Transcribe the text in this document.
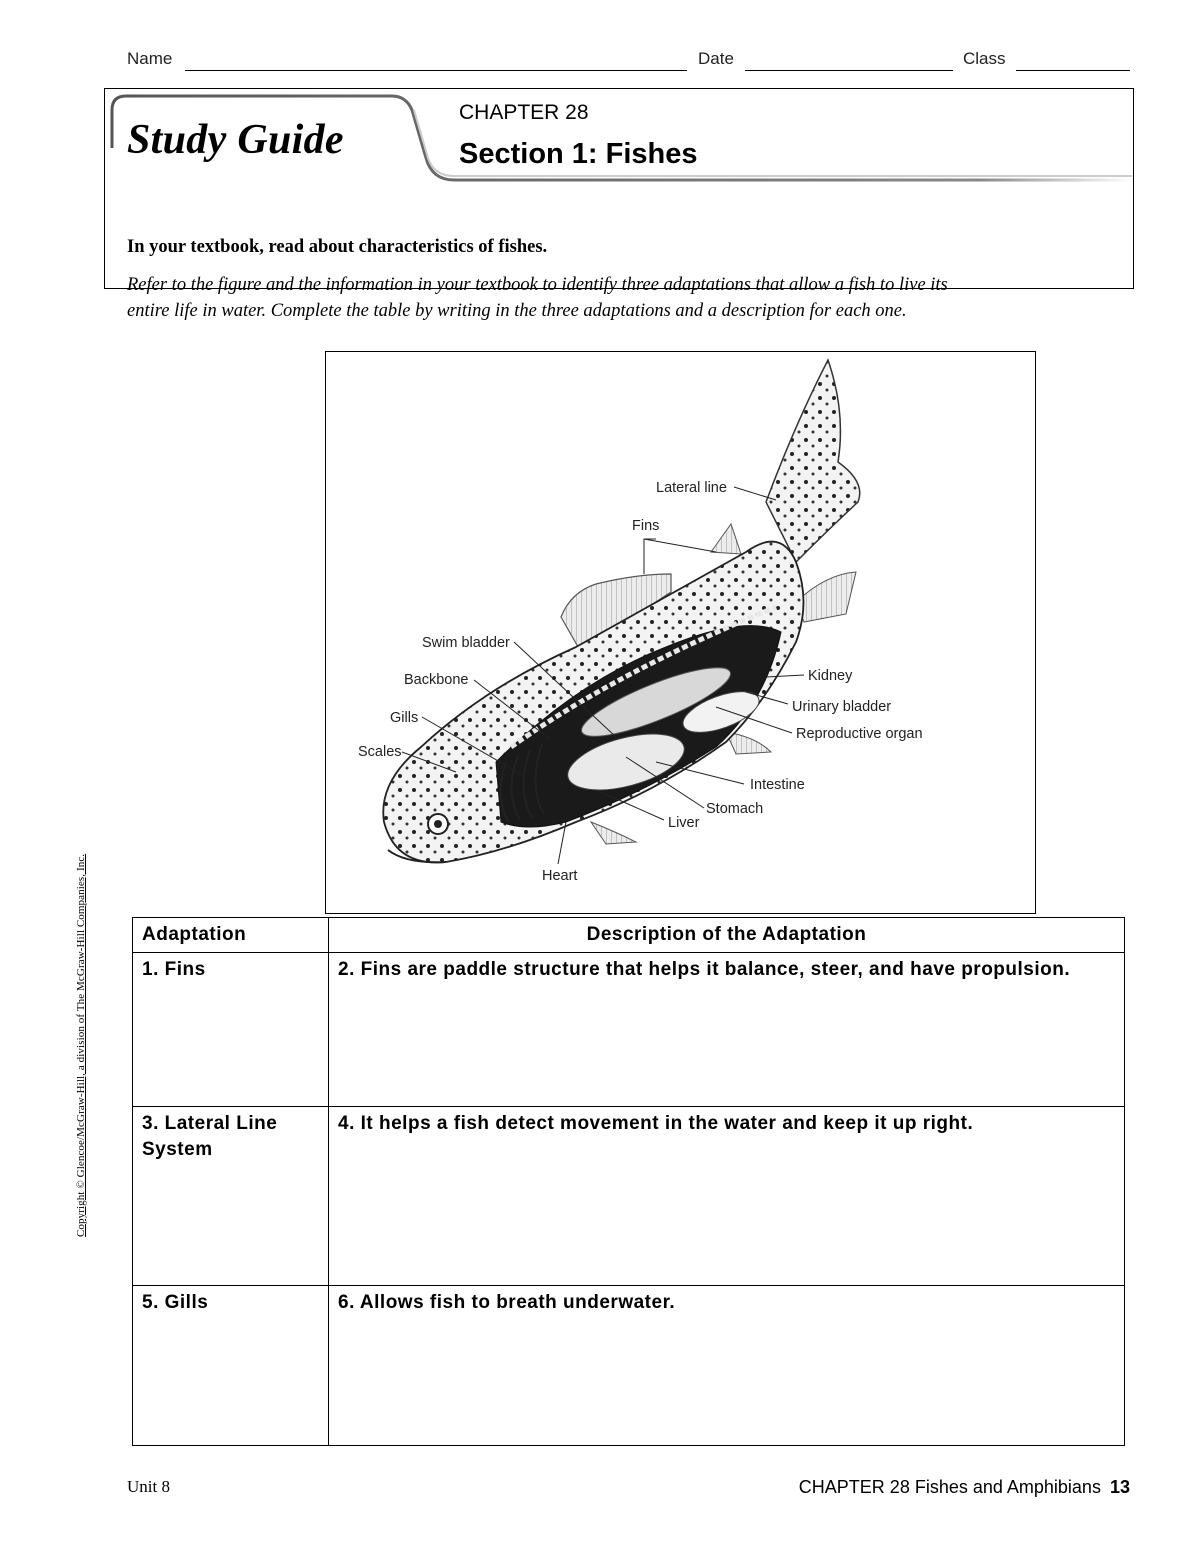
Name	Date	Class
Study Guide
CHAPTER 28
Section 1: Fishes
In your textbook, read about characteristics of fishes.
Refer to the figure and the information in your textbook to identify three adaptations that allow a fish to live its entire life in water. Complete the table by writing in the three adaptations and a description for each one.
Lateral line
Fins
Swim bladder
Backbone
Gills
Scales
Kidney
Urinary bladder
Reproductive organ
Intestine
Stomach
Liver
Heart
Copyright © Glencoe/McGraw-Hill, a division of The McGraw-Hill Companies, Inc.	Adaptation	Description of the Adaptation
1. Fins	2. Fins are paddle structure that helps it balance, steer, and have propulsion.
3. Lateral Line System	4. It helps a fish detect movement in the water and keep it up right.
5. Gills	6. Allows fish to breath underwater.
Unit 8	CHAPTER 28 Fishes and Amphibians 13
